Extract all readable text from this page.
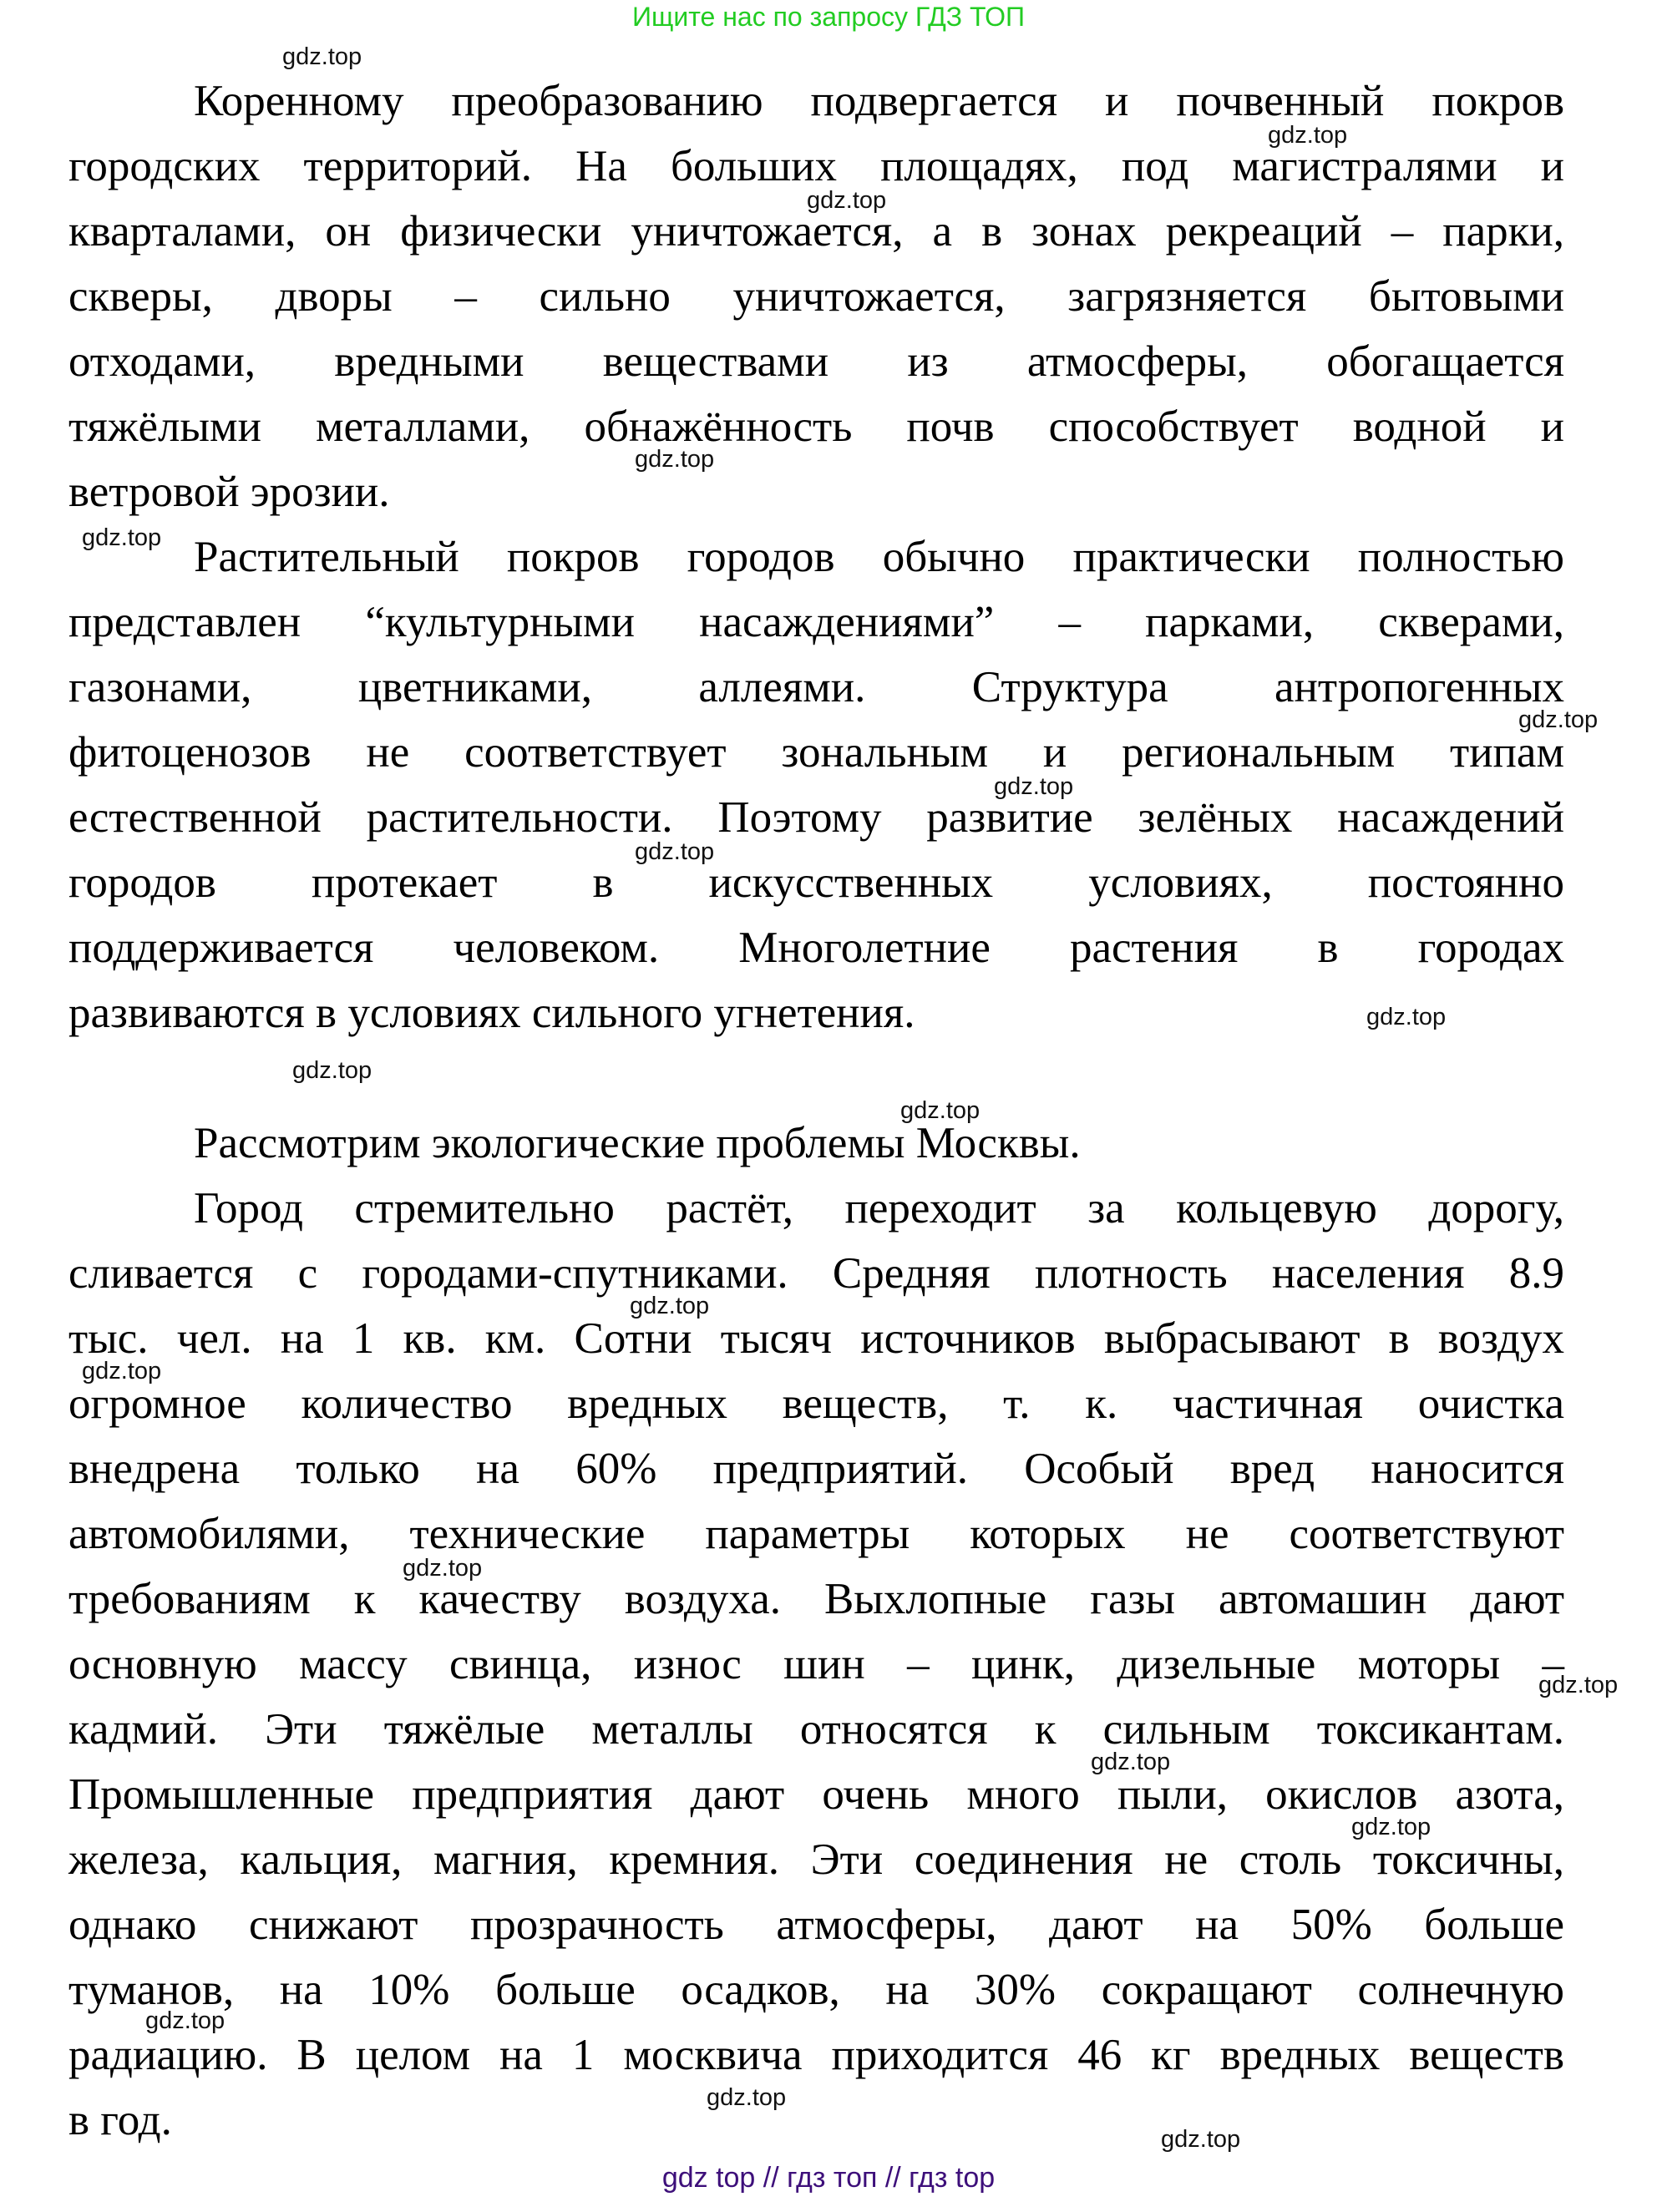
Ищите нас по запросу ГДЗ ТОП
Коренному преобразованию подвергается и почвенный покров
городских территорий. На больших площадях, под магистралями и
кварталами, он физически уничтожается, а в зонах рекреаций – парки,
скверы, дворы – сильно уничтожается, загрязняется бытовыми
отходами, вредными веществами из атмосферы, обогащается
тяжёлыми металлами, обнажённость почв способствует водной и
ветровой эрозии.
Растительный покров городов обычно практически полностью
представлен “культурными насаждениями” – парками, скверами,
газонами, цветниками, аллеями. Структура антропогенных
фитоценозов не соответствует зональным и региональным типам
естественной растительности. Поэтому развитие зелёных насаждений
городов протекает в искусственных условиях, постоянно
поддерживается человеком. Многолетние растения в городах
развиваются в условиях сильного угнетения.
Рассмотрим экологические проблемы Москвы.
Город стремительно растёт, переходит за кольцевую дорогу,
сливается с городами-спутниками. Средняя плотность населения 8.9
тыс. чел. на 1 кв. км. Сотни тысяч источников выбрасывают в воздух
огромное количество вредных веществ, т. к. частичная очистка
внедрена только на 60% предприятий. Особый вред наносится
автомобилями, технические параметры которых не соответствуют
требованиям к качеству воздуха. Выхлопные газы автомашин дают
основную массу свинца, износ шин – цинк, дизельные моторы –
кадмий. Эти тяжёлые металлы относятся к сильным токсикантам.
Промышленные предприятия дают очень много пыли, окислов азота,
железа, кальция, магния, кремния. Эти соединения не столь токсичны,
однако снижают прозрачность атмосферы, дают на 50% больше
туманов, на 10% больше осадков, на 30% сокращают солнечную
радиацию. В целом на 1 москвича приходится 46 кг вредных веществ
в год.
gdz.top
gdz.top
gdz.top
gdz.top
gdz.top
gdz.top
gdz.top
gdz.top
gdz.top
gdz.top
gdz.top
gdz.top
gdz.top
gdz.top
gdz.top
gdz.top
gdz.top
gdz.top
gdz.top
gdz.top
gdz top // гдз топ // гдз top
